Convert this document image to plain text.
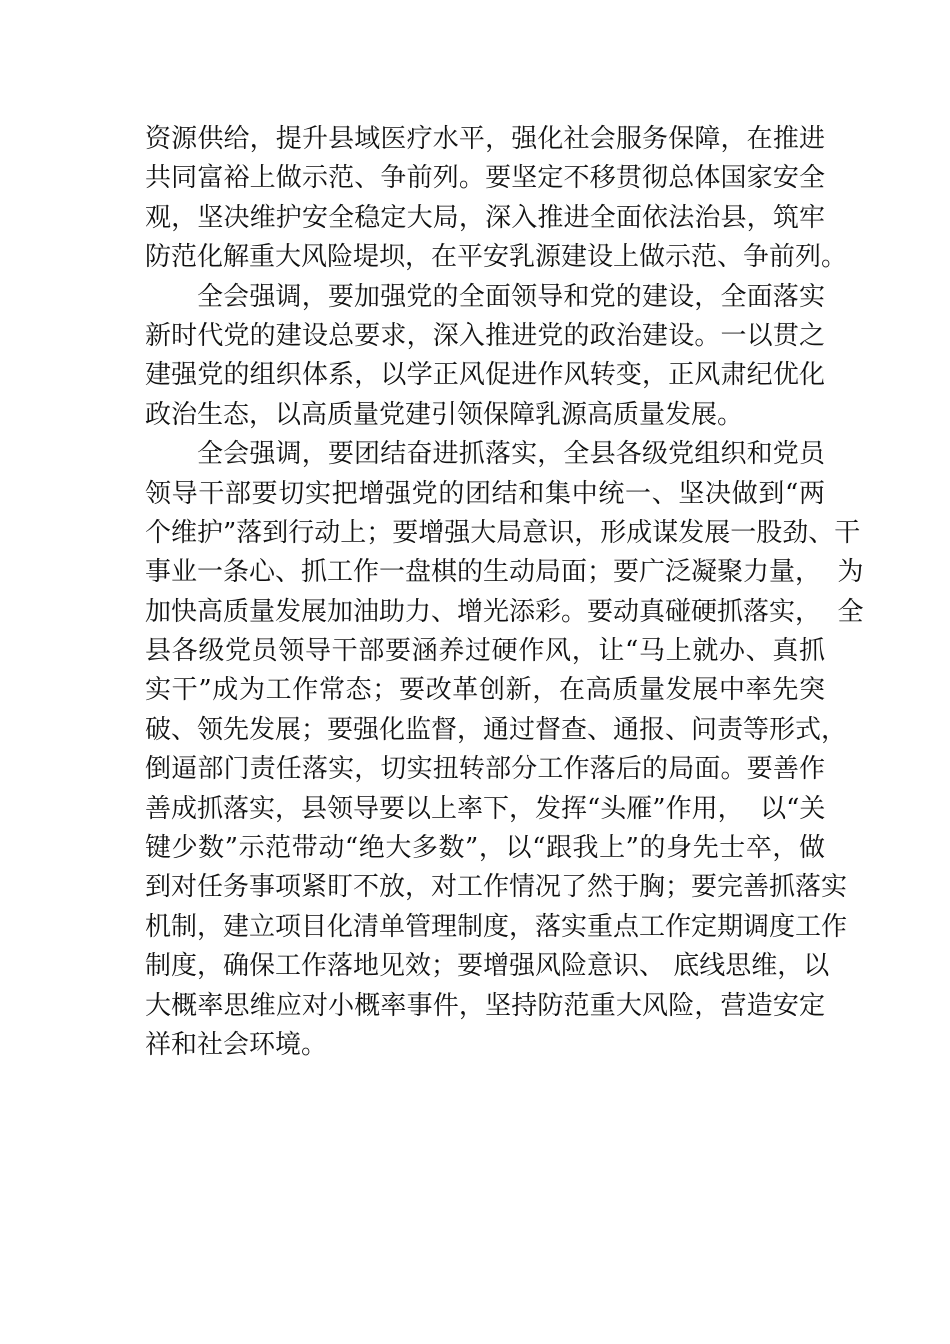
资源供给，提升县域医疗水平，强化社会服务保障，在推进
共同富裕上做示范、争前列。要坚定不移贯彻总体国家安全
观，坚决维护安全稳定大局，深入推进全面依法治县，筑牢
防范化解重大风险堤坝，在平安乳源建设上做示范、争前列。
全会强调，要加强党的全面领导和党的建设，全面落实
新时代党的建设总要求，深入推进党的政治建设。一以贯之
建强党的组织体系，以学正风促进作风转变，正风肃纪优化
政治生态，以高质量党建引领保障乳源高质量发展。
全会强调，要团结奋进抓落实，全县各级党组织和党员
领导干部要切实把增强党的团结和集中统一、坚决做到“两
个维护”落到行动上；要增强大局意识，形成谋发展一股劲、干
事业一条心、抓工作一盘棋的生动局面；要广泛凝聚力量，  为
加快高质量发展加油助力、增光添彩。要动真碰硬抓落实，  全
县各级党员领导干部要涵养过硬作风，让“马上就办、真抓
实干”成为工作常态；要改革创新，在高质量发展中率先突
破、领先发展；要强化监督，通过督查、通报、问责等形式，
倒逼部门责任落实，切实扭转部分工作落后的局面。要善作
善成抓落实，县领导要以上率下，发挥“头雁”作用，  以“关
键少数”示范带动“绝大多数”，以“跟我上”的身先士卒，做
到对任务事项紧盯不放，对工作情况了然于胸；要完善抓落实
机制，建立项目化清单管理制度，落实重点工作定期调度工作
制度，确保工作落地见效；要增强风险意识、 底线思维，以
大概率思维应对小概率事件，坚持防范重大风险，营造安定
祥和社会环境。
